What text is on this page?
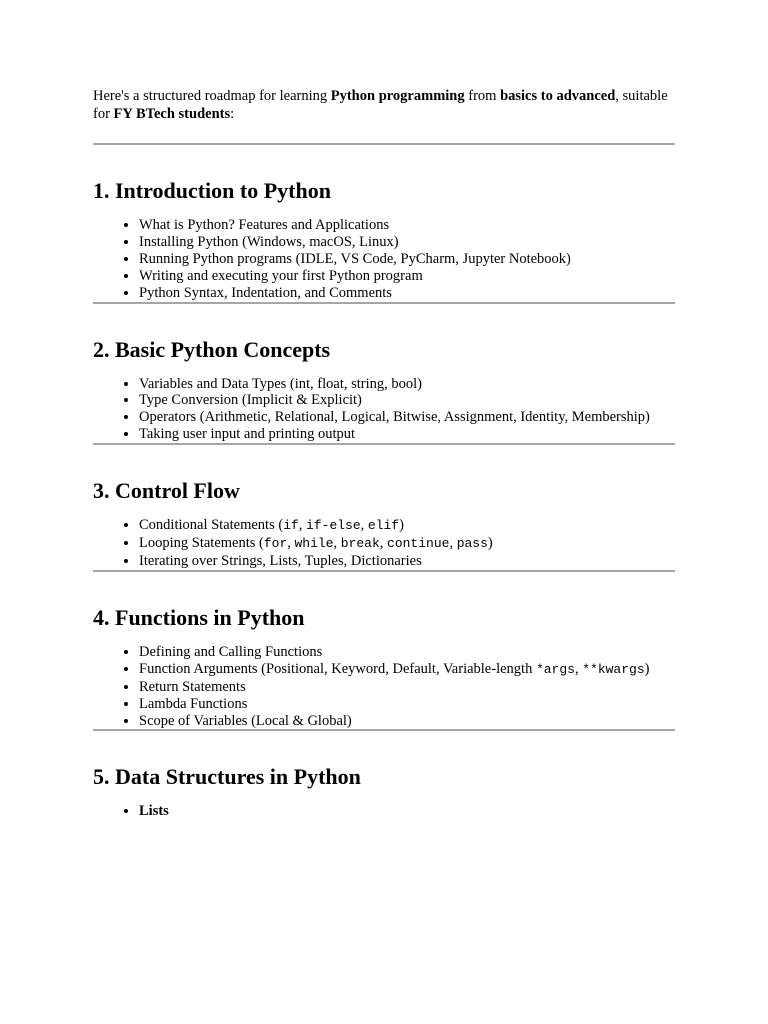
Here's a structured roadmap for learning Python programming from basics to advanced, suitable for FY BTech students:

1. Introduction to Python
• What is Python? Features and Applications
• Installing Python (Windows, macOS, Linux)
• Running Python programs (IDLE, VS Code, PyCharm, Jupyter Notebook)
• Writing and executing your first Python program
• Python Syntax, Indentation, and Comments
2. Basic Python Concepts
• Variables and Data Types (int, float, string, bool)
• Type Conversion (Implicit & Explicit)
• Operators (Arithmetic, Relational, Logical, Bitwise, Assignment, Identity, Membership)
• Taking user input and printing output
3. Control Flow
• Conditional Statements (if, if-else, elif)
• Looping Statements (for, while, break, continue, pass)
• Iterating over Strings, Lists, Tuples, Dictionaries
4. Functions in Python
• Defining and Calling Functions
• Function Arguments (Positional, Keyword, Default, Variable-length *args, **kwargs)
• Return Statements
• Lambda Functions
• Scope of Variables (Local & Global)
5. Data Structures in Python
• Lists
